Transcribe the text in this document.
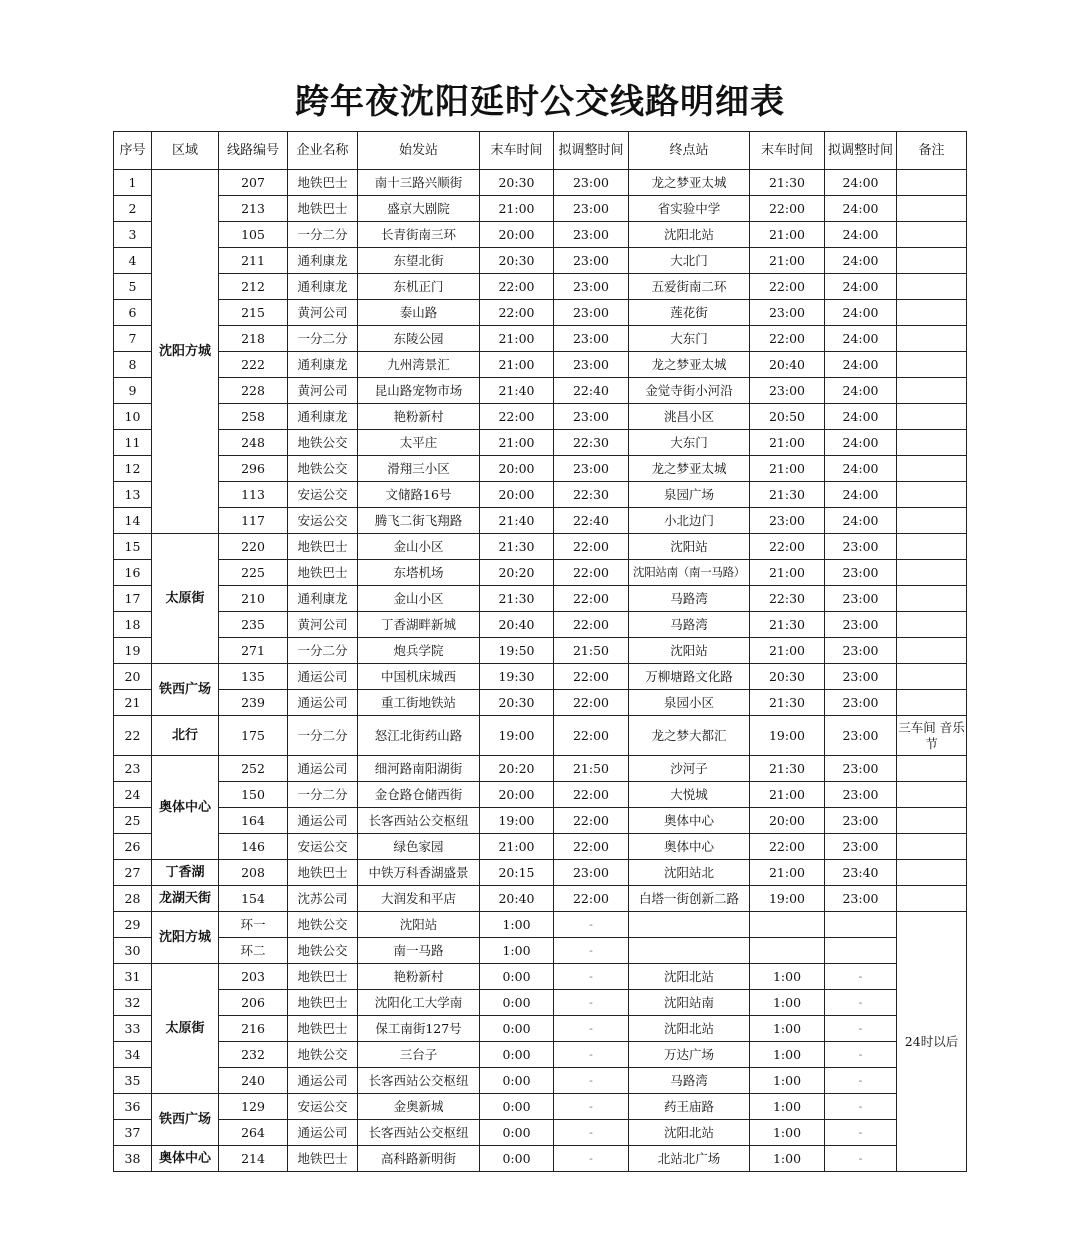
跨年夜沈阳延时公交线路明细表
序号	区域	线路编号	企业名称	始发站	末车时间	拟调整时间	终点站	末车时间	拟调整时间	备注
1	沈阳方城	207	地铁巴士	南十三路兴顺街	20:30	23:00	龙之梦亚太城	21:30	24:00	
2		213	地铁巴士	盛京大剧院	21:00	23:00	省实验中学	22:00	24:00	
3		105	一分二分	长青街南三环	20:00	23:00	沈阳北站	21:00	24:00	
4		211	通利康龙	东望北街	20:30	23:00	大北门	21:00	24:00	
5		212	通利康龙	东机正门	22:00	23:00	五爱街南二环	22:00	24:00	
6		215	黄河公司	泰山路	22:00	23:00	莲花街	23:00	24:00	
7		218	一分二分	东陵公园	21:00	23:00	大东门	22:00	24:00	
8		222	通利康龙	九州湾景汇	21:00	23:00	龙之梦亚太城	20:40	24:00	
9		228	黄河公司	昆山路宠物市场	21:40	22:40	金觉寺街小河沿	23:00	24:00	
10		258	通利康龙	艳粉新村	22:00	23:00	洮昌小区	20:50	24:00	
11		248	地铁公交	太平庄	21:00	22:30	大东门	21:00	24:00	
12		296	地铁公交	滑翔三小区	20:00	23:00	龙之梦亚太城	21:00	24:00	
13		113	安运公交	文储路16号	20:00	22:30	泉园广场	21:30	24:00	
14		117	安运公交	腾飞二街飞翔路	21:40	22:40	小北边门	23:00	24:00	
15	太原街	220	地铁巴士	金山小区	21:30	22:00	沈阳站	22:00	23:00	
16		225	地铁巴士	东塔机场	20:20	22:00	沈阳站南（南一马路）	21:00	23:00	
17		210	通利康龙	金山小区	21:30	22:00	马路湾	22:30	23:00	
18		235	黄河公司	丁香湖畔新城	20:40	22:00	马路湾	21:30	23:00	
19		271	一分二分	炮兵学院	19:50	21:50	沈阳站	21:00	23:00	
20	铁西广场	135	通运公司	中国机床城西	19:30	22:00	万柳塘路文化路	20:30	23:00	
21		239	通运公司	重工街地铁站	20:30	22:00	泉园小区	21:30	23:00	
22	北行	175	一分二分	怒江北街药山路	19:00	22:00	龙之梦大都汇	19:00	23:00	三车间 音乐节
23	奥体中心	252	通运公司	细河路南阳湖街	20:20	21:50	沙河子	21:30	23:00	
24		150	一分二分	金仓路仓储西街	20:00	22:00	大悦城	21:00	23:00	
25		164	通运公司	长客西站公交枢纽	19:00	22:00	奥体中心	20:00	23:00	
26		146	安运公交	绿色家园	21:00	22:00	奥体中心	22:00	23:00	
27	丁香湖	208	地铁巴士	中铁万科香湖盛景	20:15	23:00	沈阳站北	21:00	23:40	
28	龙湖天街	154	沈苏公司	大润发和平店	20:40	22:00	白塔一街创新二路	19:00	23:00	
29	沈阳方城	环一	地铁公交	沈阳站	1:00	-				24时以后
30		环二	地铁公交	南一马路	1:00	-				
31	太原街	203	地铁巴士	艳粉新村	0:00	-	沈阳北站	1:00	-	
32		206	地铁巴士	沈阳化工大学南	0:00	-	沈阳站南	1:00	-	
33		216	地铁巴士	保工南街127号	0:00	-	沈阳北站	1:00	-	
34		232	地铁公交	三台子	0:00	-	万达广场	1:00	-	
35		240	通运公司	长客西站公交枢纽	0:00	-	马路湾	1:00	-	
36	铁西广场	129	安运公交	金奥新城	0:00	-	药王庙路	1:00	-	
37		264	通运公司	长客西站公交枢纽	0:00	-	沈阳北站	1:00	-	
38	奥体中心	214	地铁巴士	高科路新明街	0:00	-	北站北广场	1:00	-	
